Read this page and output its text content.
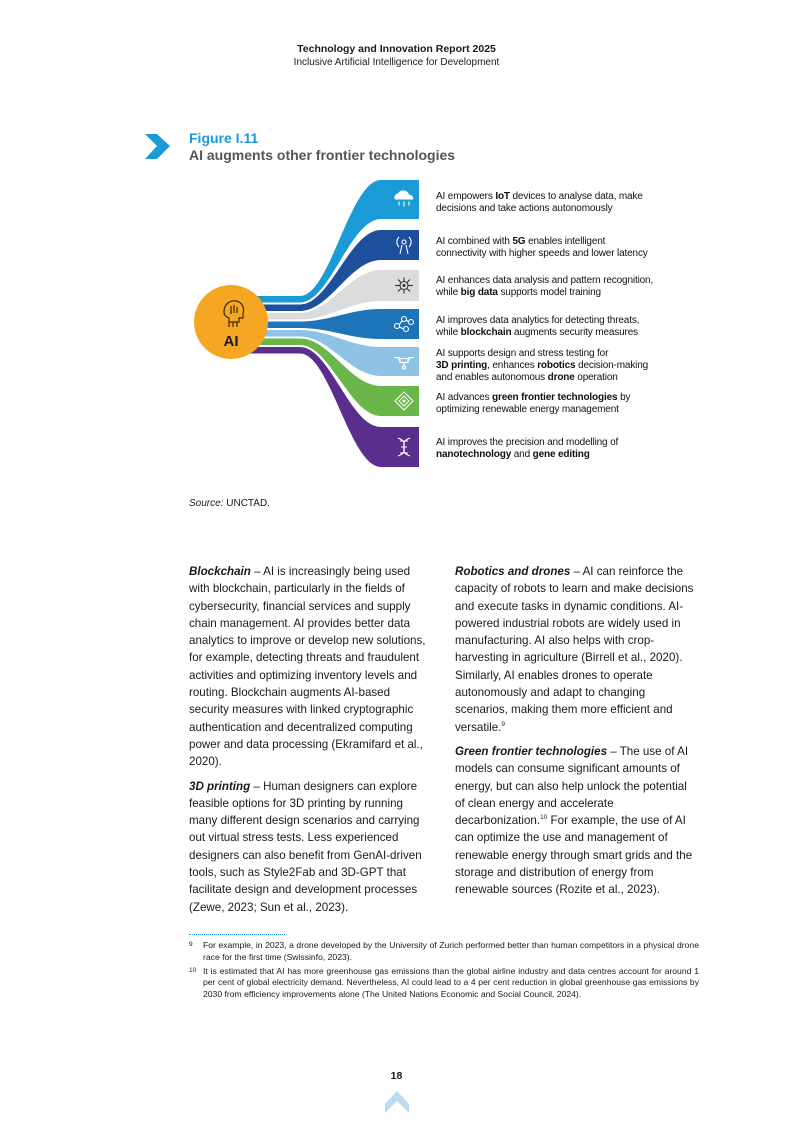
Technology and Innovation Report 2025
Inclusive Artificial Intelligence for Development
Figure I.11
AI augments other frontier technologies
AI
AI empowers IoT devices to analyse data, make
decisions and take actions autonomously
AI combined with 5G enables intelligent
connectivity with higher speeds and lower latency
AI enhances data analysis and pattern recognition,
while big data supports model training
AI improves data analytics for detecting threats,
while blockchain augments security measures
AI supports design and stress testing for
3D printing, enhances robotics decision-making
and enables autonomous drone operation
AI advances green frontier technologies by
optimizing renewable energy management
AI improves the precision and modelling of
nanotechnology and gene editing
Source: UNCTAD.

Blockchain – AI is increasingly being used with blockchain, particularly in the fields of cybersecurity, financial services and supply chain management. AI provides better data analytics to improve or develop new solutions, for example, detecting threats and fraudulent activities and optimizing inventory levels and routing. Blockchain augments AI-based security measures with linked cryptographic authentication and decentralized computing power and data processing (Ekramifard et al., 2020).

3D printing – Human designers can explore feasible options for 3D printing by running many different design scenarios and carrying out virtual stress tests. Less experienced designers can also benefit from GenAI-driven tools, such as Style2Fab and 3D-GPT that facilitate design and development processes (Zewe, 2023; Sun et al., 2023).

Robotics and drones – AI can reinforce the capacity of robots to learn and make decisions and execute tasks in dynamic conditions. AI-powered industrial robots are widely used in manufacturing. AI also helps with crop-harvesting in agriculture (Birrell et al., 2020). Similarly, AI enables drones to operate autonomously and adapt to changing scenarios, making them more efficient and versatile.$^9$

Green frontier technologies – The use of AI models can consume significant amounts of energy, but can also help unlock the potential of clean energy and accelerate decarbonization.$^{10}$ For example, the use of AI can optimize the use and management of renewable energy through smart grids and the storage and distribution of energy from renewable sources (Rozite et al., 2023).

9 For example, in 2023, a drone developed by the University of Zurich performed better than human competitors in a physical drone race for the first time (Swissinfo, 2023).
10 It is estimated that AI has more greenhouse gas emissions than the global airline industry and data centres account for around 1 per cent of global electricity demand. Nevertheless, AI could lead to a 4 per cent reduction in global greenhouse gas emissions by 2030 from efficiency improvements alone (The United Nations Economic and Social Council, 2024).
18
